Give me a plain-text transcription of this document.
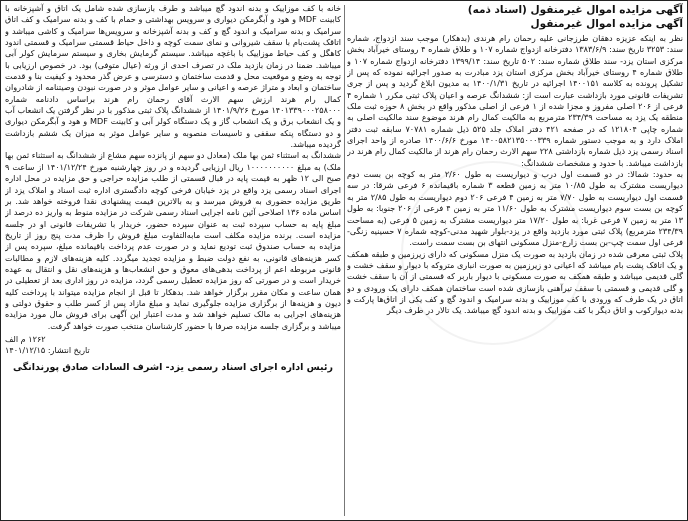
آگهی مزایده اموال غیرمنقول (اسناد ذمه)
آگهی مزایده اموال غیرمنقول

نظر به اینکه عزیزه دهقان طرزجانی علیه رحمان رام هرندی (بدهکار) موجب سند ازدواج، شماره سند: ۳۲۵۳ تاریخ سند: ۱۳۸۳/۶/۹ دفترخانه ازدواج شماره ۱۰۷ و طلاق شماره ۴ روستای خیرآباد بخش مرکزی استان یزد- سند طلاق شماره سند: ۵۰۲ تاریخ سند: ۱۳۹۹/۱۴ دفترخانه ازدواج شماره ۱۰۷ و طلاق شماره ۴ روستای خیرآباد بخش مرکزی استان یزد مبادرت به صدور اجرائیه نموده که پس از تشکیل پرونده به کلاسه ۱۴۰۰۱۵۱ اجرائیه در تاریخ ۱۴۰۰/۱/۳۱ به مدیون ابلاغ گردید و پس از جری تشریفات قانونی مورد بازداشت عبارت است از: ششدانگ عرصه و اعیان پلاک ثبتی مکرر ۱ شماره ۴ فرعی از ۲۰۶ اصلی مفروز و مجزا شده از ۱ فرعی از اصلی مذکور واقع در بخش ۸ حوزه ثبت ملک منطقه یک یزد به مساحت ۲۳۴/۳۹ مترمربع به مالکیت کمال رام هرند موضوع سند مالکیت اصلی به شماره چاپی ۱۲۱۸۰۴ که در صفحه ۴۲۱ دفتر املاک جلد ۵۲۵ ذیل شماره ۷۰۷۸۱ سابقه ثبت دفتر املاک دارد و به موجب دستور شماره ۱۴۰۰۵۸۲۱۳۵۰۰۰۳۳۹ مورخ ۱۴۰۰/۶/۶ صادره از واحد اجرای اسناد رسمی یزد ذیل شماره بازداشتی ۲۲۸ سهم الارث رحمان رام هرند از مالکیت کمال رام هرند در بازداشت میباشد. با حدود و مشخصات ششدانگ:

به حدود: شمالا: در دو قسمت اول درب و دیواریست به طول ۲/۶۰ متر به کوچه بن بست دوم دیواریست مشترک به طول ۱۰/۸۵ متر به زمین قطعه ۳ شماره باقیمانده ۶ فرعی شرقا: در سه قسمت اول دیواریست به طول ۷/۷۰ متر به زمین ۴ فرعی ۲۰۶ دوم دیواریست به طول ۲/۸۵ متر به کوچه بن بست سوم دیواریست مشترک به طول ۱۱/۶۰ متر به زمین ۴ فرعی از ۲۰۶ جنوبا: به طول ۱۳ متر به زمین ۷ فرعی غربا: به طول ۱۷/۲۰ متر دیواریست مشترک به زمین ۵ فرعی (به مساحت ۲۳۴/۳۹ مترمربع) پلاک ثبتی مورد بازدید واقع در یزد-بلوار شهید مدنی-کوچه شماره ۷ حسینیه زنگی-فرعی اول سمت چپ-بن بست زارع-منزل مسکونی انتهای بن بست سمت راست.

پلاک ثبتی معرفی شده در زمان بازدید به صورت یک منزل مسکونی که دارای زیرزمین و طبقه همکف و یک اتاقک پشت بام میباشد که اعیانی دو زیرزمین به صورت انباری متروکه با دیوار و سقف خشت و گلی قدیمی میباشد و طبقه همکف به صورت مسکونی با دیوار باربر که قسمتی از آن با سقف خشت و گلی قدیمی و قسمتی با سقف تیرآهنی بازسازی شده است ساختمان همکف دارای یک ورودی و دو اتاق در یک طرف که ورودی با کف موزاییک و بدنه سرامیک و اندود گچ و کف یکی از اتاق‌ها پارکت و بدنه دیوارکوب و اتاق دیگر با کف موزاییک و بدنه اندود گچ میباشد. یک تالار در طرف دیگر

خانه با کف موزاییک و بدنه اندود گچ میباشد و طرف بازسازی شده شامل یک اتاق و آشپزخانه با کابینت MDF و هود و آبگرمکن دیواری و سرویس بهداشتی و حمام با کف و بدنه سرامیک و کف اتاق سرامیک و بدنه سرامیک و اندود گچ و کف و بدنه آشپزخانه و سرویس‌ها سرامیک و کاشی میباشد و اتاقک پشت‌بام با سقف شیروانی و نمای سمت کوچه و داخل حیاط قسمتی سرامیک و قسمتی اندود کاهگل و کف حیاط موزاییک با باغچه میباشد. سیستم گرمایش بخاری و سیستم سرمایش کولر آبی میباشد. ضمنا در زمان بازدید ملک در تصرف احدی از ورثه (عیال متوفی) بود. در خصوص ارزیابی با توجه به وضع و موقعیت محل و قدمت ساختمان و دسترسی و عرض گذر محدود و کیفیت بنا و قدمت ساختمان و ابعاد و متراژ عرصه و اعیانی و سایر عوامل موثر و در صورت نبودن وصیتنامه از شادروان کمال رام هرند ارزش سهم الارث آقای رحمان رام هرند براساس دادنامه شماره ۱۴۰۱۳۳۹۰۰۰۲۵۸۰۰۰ مورخ ۱۴۰۱/۹/۲۶ از ششدانگ پلاک ثبتی مذکور با در نظر گرفتن یک انشعاب آب و یک انشعاب برق و یک انشعاب گاز و یک دستگاه کولر آبی و کابینت MDF و هود و آبگرمکن دیواری و دو دستگاه پنکه سقفی و تاسیسات منصوبه و سایر عوامل موثر به میزان یک ششم بازداشت گردیده میباشد.

ششدانگ به استثناء ثمن بها ملک (معادل دو سهم از پانزده سهم مشاع از ششدانگ به استثناء ثمن بها ملک) به مبلغ ۱۰۰۰۰۰۰۰۰۰۰ ریال ارزیابی گردیده و در روز چهارشنبه مورخ ۱۴۰۱/۱۲/۲۴ از ساعت ۹ صبح الی ۱۲ ظهر به قیمت پایه در قبال قسمتی از طلب مزایده حراجی و حق مزایده در محل اداره اجرای اسناد رسمی یزد واقع در یزد خیابان فرخی کوچه دادگستری اداره ثبت اسناد و املاک یزد از طریق مزایده حضوری به فروش میرسد و به بالاترین قیمت پیشنهادی نقدا فروخته خواهد شد. بر اساس ماده ۱۳۶ اصلاحی آئین نامه اجرایی اسناد رسمی شرکت در مزایده منوط به واریز ده درصد از مبلغ پایه به حساب سپرده ثبت به عنوان سپرده حضور، خریدار با تشریفات قانونی او در جلسه مزایده است. برنده مزایده مکلف است مابه‌التفاوت مبلغ فروش را ظرف مدت پنج روز از تاریخ مزایده به حساب صندوق ثبت تودیع نماید و در صورت عدم پرداخت باقیمانده مبلغ، سپرده پس از کسر هزینه‌های قانونی، به نفع دولت ضبط و مزایده تجدید میگردد. کلیه هزینه‌های لازم و مطالبات قانونی مربوطه اعم از پرداخت بدهی‌های معوق و حق انشعاب‌ها و هزینه‌های نقل و انتقال به عهده خریدار است و در صورتی که روز مزایده تعطیل رسمی گردد، مزایده در روز اداری بعد از تعطیلی در همان ساعت و مکان مقرر برگزار خواهد شد. بدهکار تا قبل از انجام مزایده میتواند با پرداخت کلیه دیون و هزینه‌ها از برگزاری مزایده جلوگیری نماید و مبلغ مازاد پس از کسر طلب و حقوق دولتی و هزینه‌های اجرایی به مالک تسلیم خواهد شد و مدت اعتبار این آگهی برای فروش مال مورد مزایده میباشد و برگزاری جلسه مزایده صرفا با حضور کارشناسان منتخب صورت خواهد گرفت.

۱۲۶۲ م الف

تاریخ انتشار: ۱۴۰۱/۱۲/۱۵

رئیس اداره اجرای اسناد رسمی یزد- اشرف السادات صادق پورندانگی
